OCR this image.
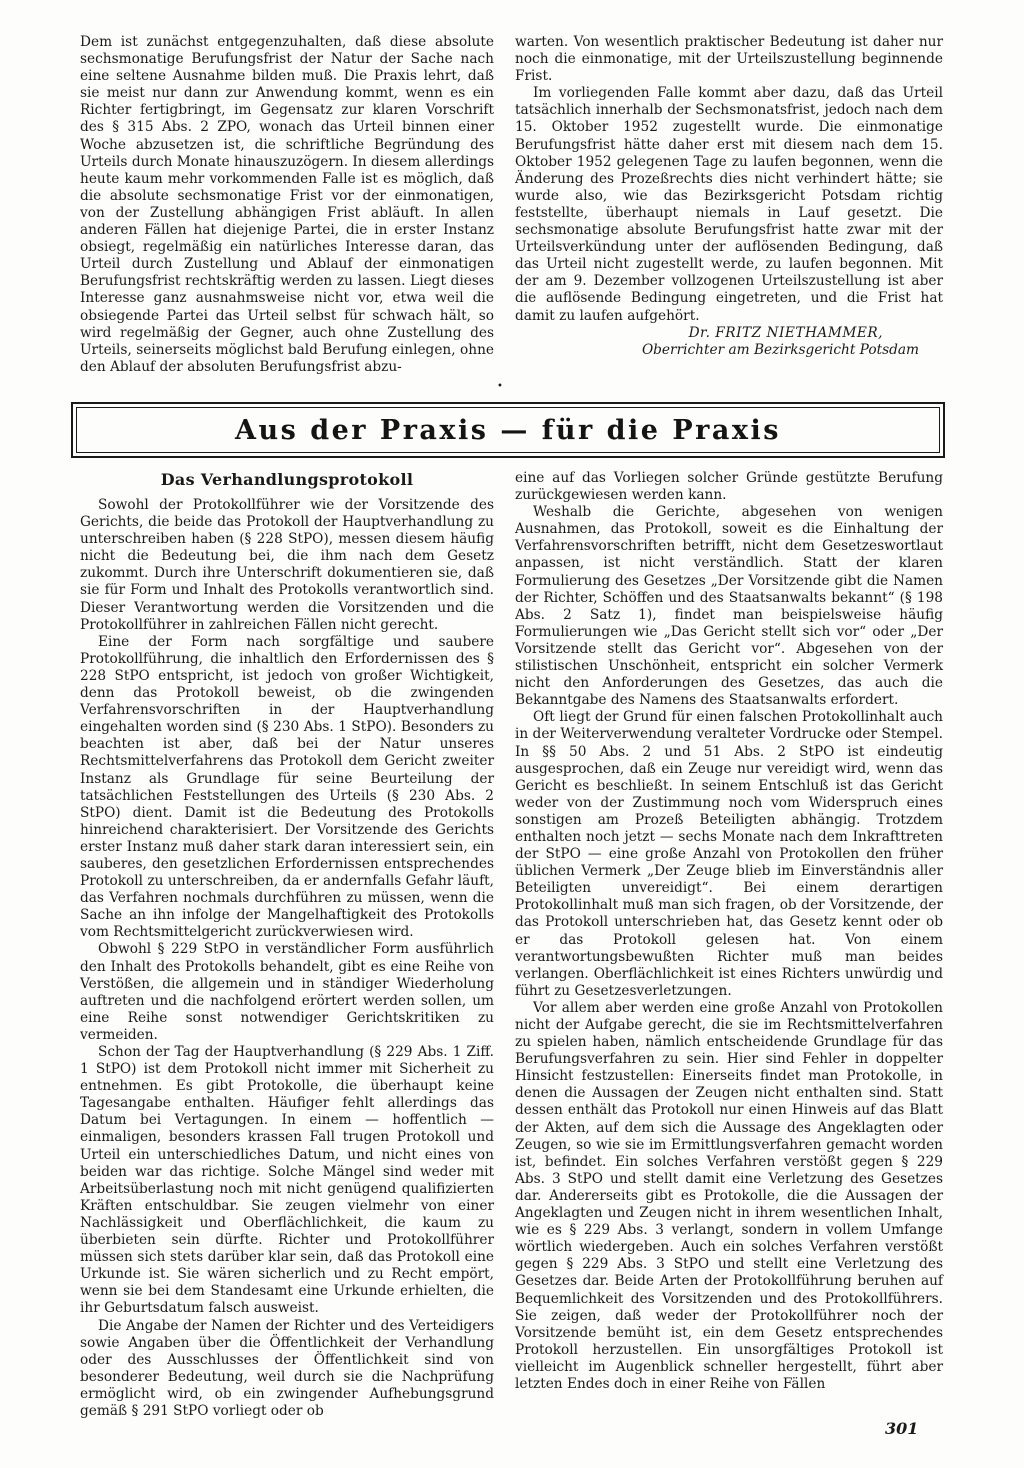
Dem ist zunächst entgegenzuhalten, daß diese absolute sechsmonatige Berufungsfrist der Natur der Sache nach eine seltene Ausnahme bilden muß. Die Praxis lehrt, daß sie meist nur dann zur Anwendung kommt, wenn es ein Richter fertigbringt, im Gegensatz zur klaren Vorschrift des § 315 Abs. 2 ZPO, wonach das Urteil binnen einer Woche abzusetzen ist, die schriftliche Begründung des Urteils durch Monate hinauszuzögern. In diesem allerdings heute kaum mehr vorkommenden Falle ist es möglich, daß die absolute sechsmonatige Frist vor der einmonatigen, von der Zustellung abhängigen Frist abläuft. In allen anderen Fällen hat diejenige Partei, die in erster Instanz obsiegt, regelmäßig ein natürliches Interesse daran, das Urteil durch Zustellung und Ablauf der einmonatigen Berufungsfrist rechtskräftig werden zu lassen. Liegt dieses Interesse ganz ausnahmsweise nicht vor, etwa weil die obsiegende Partei das Urteil selbst für schwach hält, so wird regelmäßig der Gegner, auch ohne Zustellung des Urteils, seinerseits möglichst bald Berufung einlegen, ohne den Ablauf der absoluten Berufungsfrist abzu-

•

warten. Von wesentlich praktischer Bedeutung ist daher nur noch die einmonatige, mit der Urteilszustellung beginnende Frist.

Im vorliegenden Falle kommt aber dazu, daß das Urteil tatsächlich innerhalb der Sechsmonatsfrist, jedoch nach dem 15. Oktober 1952 zugestellt wurde. Die einmonatige Berufungsfrist hätte daher erst mit diesem nach dem 15. Oktober 1952 gelegenen Tage zu laufen begonnen, wenn die Änderung des Prozeßrechts dies nicht verhindert hätte; sie wurde also, wie das Bezirksgericht Potsdam richtig feststellte, überhaupt niemals in Lauf gesetzt. Die sechsmonatige absolute Berufungsfrist hatte zwar mit der Urteilsverkündung unter der auflösenden Bedingung, daß das Urteil nicht zugestellt werde, zu laufen begonnen. Mit der am 9. Dezember vollzogenen Urteilszustellung ist aber die auflösende Bedingung eingetreten, und die Frist hat damit zu laufen aufgehört.

Dr. FRITZ NIETHAMMER,

Oberrichter am Bezirksgericht Potsdam

Aus der Praxis — für die Praxis
Das Verhandlungsprotokoll

Sowohl der Protokollführer wie der Vorsitzende des Gerichts, die beide das Protokoll der Hauptverhandlung zu unterschreiben haben (§ 228 StPO), messen diesem häufig nicht die Bedeutung bei, die ihm nach dem Gesetz zukommt. Durch ihre Unterschrift dokumentieren sie, daß sie für Form und Inhalt des Protokolls verantwortlich sind. Dieser Verantwortung werden die Vorsitzenden und die Protokollführer in zahlreichen Fällen nicht gerecht.

Eine der Form nach sorgfältige und saubere Protokollführung, die inhaltlich den Erfordernissen des § 228 StPO entspricht, ist jedoch von großer Wichtigkeit, denn das Protokoll beweist, ob die zwingenden Verfahrensvorschriften in der Hauptverhandlung eingehalten worden sind (§ 230 Abs. 1 StPO). Besonders zu beachten ist aber, daß bei der Natur unseres Rechtsmittelverfahrens das Protokoll dem Gericht zweiter Instanz als Grundlage für seine Beurteilung der tatsächlichen Feststellungen des Urteils (§ 230 Abs. 2 StPO) dient. Damit ist die Bedeutung des Protokolls hinreichend charakterisiert. Der Vorsitzende des Gerichts erster Instanz muß daher stark daran interessiert sein, ein sauberes, den gesetzlichen Erfordernissen entsprechendes Protokoll zu unterschreiben, da er andernfalls Gefahr läuft, das Verfahren nochmals durchführen zu müssen, wenn die Sache an ihn infolge der Mangelhaftigkeit des Protokolls vom Rechtsmittelgericht zurückverwiesen wird.

Obwohl § 229 StPO in verständlicher Form ausführlich den Inhalt des Protokolls behandelt, gibt es eine Reihe von Verstößen, die allgemein und in ständiger Wiederholung auftreten und die nachfolgend erörtert werden sollen, um eine Reihe sonst notwendiger Gerichtskritiken zu vermeiden.

Schon der Tag der Hauptverhandlung (§ 229 Abs. 1 Ziff. 1 StPO) ist dem Protokoll nicht immer mit Sicherheit zu entnehmen. Es gibt Protokolle, die überhaupt keine Tagesangabe enthalten. Häufiger fehlt allerdings das Datum bei Vertagungen. In einem — hoffentlich — einmaligen, besonders krassen Fall trugen Protokoll und Urteil ein unterschiedliches Datum, und nicht eines von beiden war das richtige. Solche Mängel sind weder mit Arbeitsüberlastung noch mit nicht genügend qualifizierten Kräften entschuldbar. Sie zeugen vielmehr von einer Nachlässigkeit und Oberflächlichkeit, die kaum zu überbieten sein dürfte. Richter und Protokollführer müssen sich stets darüber klar sein, daß das Protokoll eine Urkunde ist. Sie wären sicherlich und zu Recht empört, wenn sie bei dem Standesamt eine Urkunde erhielten, die ihr Geburtsdatum falsch ausweist.

Die Angabe der Namen der Richter und des Verteidigers sowie Angaben über die Öffentlichkeit der Verhandlung oder des Ausschlusses der Öffentlichkeit sind von besonderer Bedeutung, weil durch sie die Nachprüfung ermöglicht wird, ob ein zwingender Aufhebungsgrund gemäß § 291 StPO vorliegt oder ob

eine auf das Vorliegen solcher Gründe gestützte Berufung zurückgewiesen werden kann.

Weshalb die Gerichte, abgesehen von wenigen Ausnahmen, das Protokoll, soweit es die Einhaltung der Verfahrensvorschriften betrifft, nicht dem Gesetzeswortlaut anpassen, ist nicht verständlich. Statt der klaren Formulierung des Gesetzes „Der Vorsitzende gibt die Namen der Richter, Schöffen und des Staatsanwalts bekannt“ (§ 198 Abs. 2 Satz 1), findet man beispielsweise häufig Formulierungen wie „Das Gericht stellt sich vor“ oder „Der Vorsitzende stellt das Gericht vor“. Abgesehen von der stilistischen Unschönheit, entspricht ein solcher Vermerk nicht den Anforderungen des Gesetzes, das auch die Bekanntgabe des Namens des Staatsanwalts erfordert.

Oft liegt der Grund für einen falschen Protokollinhalt auch in der Weiterverwendung veralteter Vordrucke oder Stempel. In §§ 50 Abs. 2 und 51 Abs. 2 StPO ist eindeutig ausgesprochen, daß ein Zeuge nur vereidigt wird, wenn das Gericht es beschließt. In seinem Entschluß ist das Gericht weder von der Zustimmung noch vom Widerspruch eines sonstigen am Prozeß Beteiligten abhängig. Trotzdem enthalten noch jetzt — sechs Monate nach dem Inkrafttreten der StPO — eine große Anzahl von Protokollen den früher üblichen Vermerk „Der Zeuge blieb im Einverständnis aller Beteiligten unvereidigt“. Bei einem derartigen Protokollinhalt muß man sich fragen, ob der Vorsitzende, der das Protokoll unterschrieben hat, das Gesetz kennt oder ob er das Protokoll gelesen hat. Von einem verantwortungsbewußten Richter muß man beides verlangen. Oberflächlichkeit ist eines Richters unwürdig und führt zu Gesetzesverletzungen.

Vor allem aber werden eine große Anzahl von Protokollen nicht der Aufgabe gerecht, die sie im Rechtsmittelverfahren zu spielen haben, nämlich entscheidende Grundlage für das Berufungsverfahren zu sein. Hier sind Fehler in doppelter Hinsicht festzustellen: Einerseits findet man Protokolle, in denen die Aussagen der Zeugen nicht enthalten sind. Statt dessen enthält das Protokoll nur einen Hinweis auf das Blatt der Akten, auf dem sich die Aussage des Angeklagten oder Zeugen, so wie sie im Ermittlungsverfahren gemacht worden ist, befindet. Ein solches Verfahren verstößt gegen § 229 Abs. 3 StPO und stellt damit eine Verletzung des Gesetzes dar. Andererseits gibt es Protokolle, die die Aussagen der Angeklagten und Zeugen nicht in ihrem wesentlichen Inhalt, wie es § 229 Abs. 3 verlangt, sondern in vollem Umfange wörtlich wiedergeben. Auch ein solches Verfahren verstößt gegen § 229 Abs. 3 StPO und stellt eine Verletzung des Gesetzes dar. Beide Arten der Protokollführung beruhen auf Bequemlichkeit des Vorsitzenden und des Protokollführers. Sie zeigen, daß weder der Protokollführer noch der Vorsitzende bemüht ist, ein dem Gesetz entsprechendes Protokoll herzustellen. Ein unsorgfältiges Protokoll ist vielleicht im Augenblick schneller hergestellt, führt aber letzten Endes doch in einer Reihe von Fällen

301
